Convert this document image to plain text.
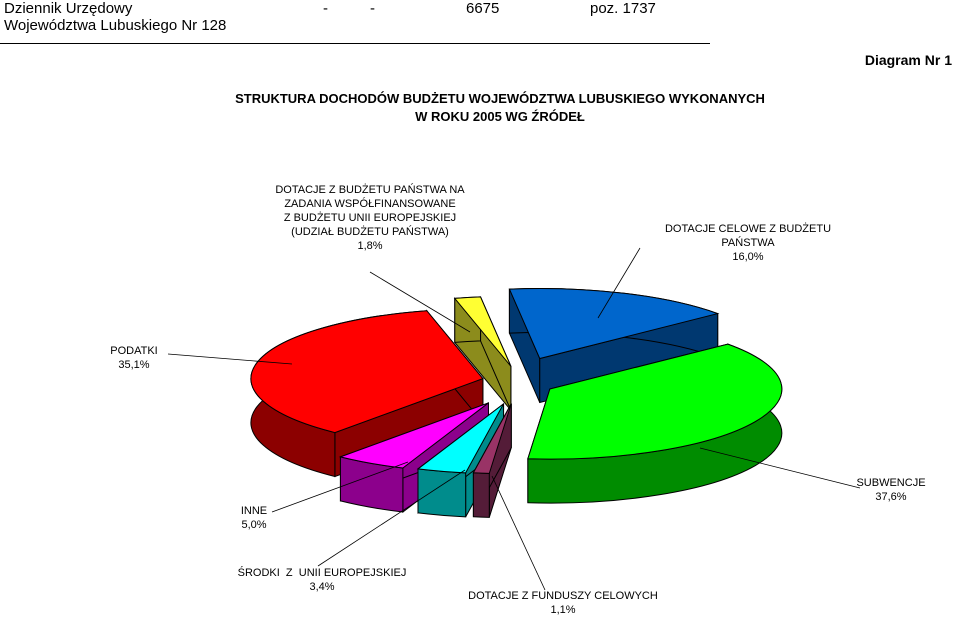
Dziennik Urzędowy
Województwa Lubuskiego Nr 128
-	-	6675	poz. 1737
Diagram Nr 1
STRUKTURA DOCHODÓW BUDŻETU WOJEWÓDZTWA LUBUSKIEGO WYKONANYCH
W ROKU 2005 WG ŹRÓDEŁ
DOTACJE Z BUDŻETU PAŃSTWA NA
ZADANIA WSPÓŁFINANSOWANE
Z BUDŻETU UNII EUROPEJSKIEJ
(UDZIAŁ BUDŻETU PAŃSTWA)
1,8%
DOTACJE CELOWE Z BUDŻETU
PAŃSTWA
16,0%
SUBWENCJE
37,6%
DOTACJE Z FUNDUSZY CELOWYCH
1,1%
ŚRODKI  Z  UNII EUROPEJSKIEJ
3,4%
INNE
5,0%
PODATKI
35,1%
